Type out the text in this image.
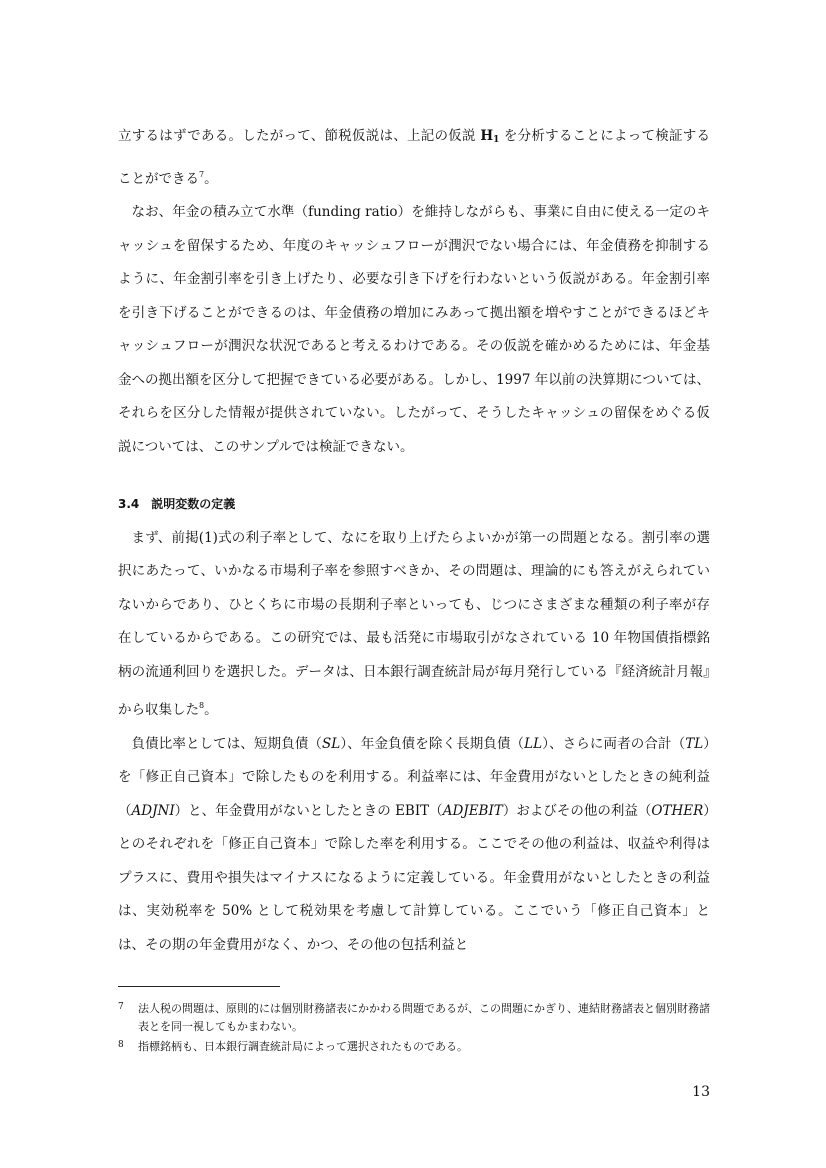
立するはずである。したがって、節税仮説は、上記の仮説 $H_1$ を分析することによって検証することができる$^7$。

なお、年金の積み立て水準（funding ratio）を維持しながらも、事業に自由に使える一定のキャッシュを留保するため、年度のキャッシュフローが潤沢でない場合には、年金債務を抑制するように、年金割引率を引き上げたり、必要な引き下げを行わないという仮説がある。年金割引率を引き下げることができるのは、年金債務の増加にみあって拠出額を増やすことができるほどキャッシュフローが潤沢な状況であると考えるわけである。その仮説を確かめるためには、年金基金への拠出額を区分して把握できている必要がある。しかし、1997 年以前の決算期については、それらを区分した情報が提供されていない。したがって、そうしたキャッシュの留保をめぐる仮説については、このサンプルでは検証できない。

3.4　説明変数の定義

まず、前掲(1)式の利子率として、なにを取り上げたらよいかが第一の問題となる。割引率の選択にあたって、いかなる市場利子率を参照すべきか、その問題は、理論的にも答えがえられていないからであり、ひとくちに市場の長期利子率といっても、じつにさまざまな種類の利子率が存在しているからである。この研究では、最も活発に市場取引がなされている 10 年物国債指標銘柄の流通利回りを選択した。データは、日本銀行調査統計局が毎月発行している『経済統計月報』から収集した$^8$。

負債比率としては、短期負債（SL）、年金負債を除く長期負債（LL）、さらに両者の合計（TL）を「修正自己資本」で除したものを利用する。利益率には、年金費用がないとしたときの純利益（ADJNI）と、年金費用がないとしたときの EBIT（ADJEBIT）およびその他の利益（OTHER）とのそれぞれを「修正自己資本」で除した率を利用する。ここでその他の利益は、収益や利得はプラスに、費用や損失はマイナスになるように定義している。年金費用がないとしたときの利益は、実効税率を 50% として税効果を考慮して計算している。ここでいう「修正自己資本」とは、その期の年金費用がなく、かつ、その他の包括利益と

7 法人税の問題は、原則的には個別財務諸表にかかわる問題であるが、この問題にかぎり、連結財務諸表と個別財務諸表とを同一視してもかまわない。

8 指標銘柄も、日本銀行調査統計局によって選択されたものである。

13
